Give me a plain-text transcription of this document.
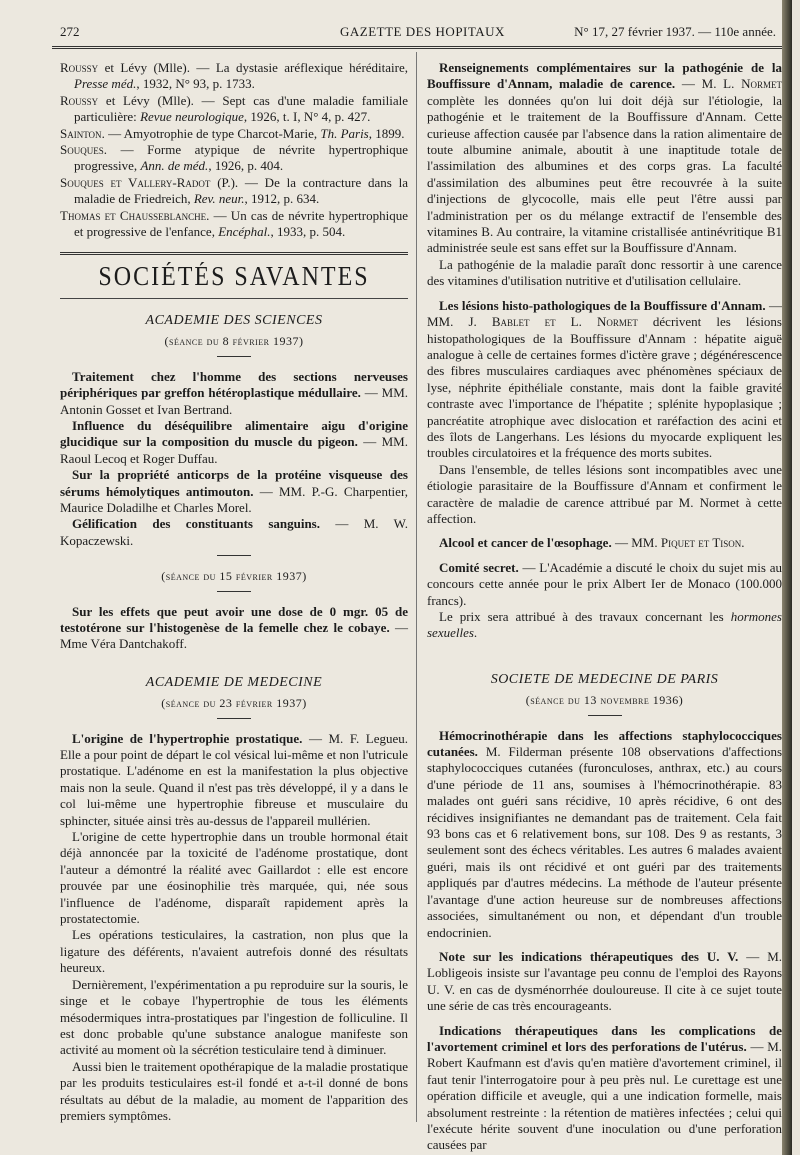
272	GAZETTE DES HOPITAUX	N° 17, 27 février 1937. — 110e année.

Roussy et Lévy (Mlle). — La dystasie aréflexique héréditaire, Presse méd., 1932, N° 93, p. 1733.

Roussy et Lévy (Mlle). — Sept cas d'une maladie familiale particulière: Revue neurologique, 1926, t. I, N° 4, p. 427.

Sainton. — Amyotrophie de type Charcot-Marie, Th. Paris, 1899.

Souques. — Forme atypique de névrite hypertrophique progressive, Ann. de méd., 1926, p. 404.

Souques et Vallery-Radot (P.). — De la contracture dans la maladie de Friedreich, Rev. neur., 1912, p. 634.

Thomas et Chausseblanche. — Un cas de névrite hypertrophique et progressive de l'enfance, Encéphal., 1933, p. 504.

SOCIÉTÉS SAVANTES
ACADEMIE DES SCIENCES
(séance du 8 février 1937)

Traitement chez l'homme des sections nerveuses périphériques par greffon hétéroplastique médullaire. — MM. Antonin Gosset et Ivan Bertrand.

Influence du déséquilibre alimentaire aigu d'origine glucidique sur la composition du muscle du pigeon. — MM. Raoul Lecoq et Roger Duffau.

Sur la propriété anticorps de la protéine visqueuse des sérums hémolytiques antimouton. — MM. P.-G. Charpentier, Maurice Doladilhe et Charles Morel.

Gélification des constituants sanguins. — M. W. Kopaczewski.

(séance du 15 février 1937)

Sur les effets que peut avoir une dose de 0 mgr. 05 de testotérone sur l'histogenèse de la femelle chez le cobaye. — Mme Véra Dantchakoff.

ACADEMIE DE MEDECINE
(séance du 23 février 1937)

L'origine de l'hypertrophie prostatique. — M. F. Legueu. Elle a pour point de départ le col vésical lui-même et non l'utricule prostatique. L'adénome en est la manifestation la plus objective mais non la seule. Quand il n'est pas très développé, il y a dans le col lui-même une hypertrophie fibreuse et musculaire du sphincter, située ainsi très au-dessus de l'appareil mullérien.

L'origine de cette hypertrophie dans un trouble hormonal était déjà annoncée par la toxicité de l'adénome prostatique, dont l'auteur a démontré la réalité avec Gaillardot : elle est encore prouvée par une éosinophilie très marquée, qui, née sous l'influence de l'adénome, disparaît rapidement après la prostatectomie.

Les opérations testiculaires, la castration, non plus que la ligature des déférents, n'avaient autrefois donné des résultats heureux.

Dernièrement, l'expérimentation a pu reproduire sur la souris, le singe et le cobaye l'hypertrophie de tous les éléments mésodermiques intra-prostatiques par l'ingestion de folliculine. Il est donc probable qu'une substance analogue manifeste son activité au moment où la sécrétion testiculaire tend à diminuer.

Aussi bien le traitement opothérapique de la maladie prostatique par les produits testiculaires est-il fondé et a-t-il donné de bons résultats au début de la maladie, au moment de l'apparition des premiers symptômes.

Renseignements complémentaires sur la pathogénie de la Bouffissure d'Annam, maladie de carence. — M. L. Normet complète les données qu'on lui doit déjà sur l'étiologie, la pathogénie et le traitement de la Bouffissure d'Annam. Cette curieuse affection causée par l'absence dans la ration alimentaire de toute albumine animale, aboutit à une inaptitude totale de l'assimilation des albumines et des corps gras. La faculté d'assimilation des albumines peut être recouvrée à la suite d'injections de glycocolle, mais elle peut l'être aussi par l'administration per os du mélange extractif de l'ensemble des vitamines B. Au contraire, la vitamine cristallisée antinévritique B1 administrée seule est sans effet sur la Bouffissure d'Annam.

La pathogénie de la maladie paraît donc ressortir à une carence des vitamines d'utilisation nutritive et d'utilisation cellulaire.

Les lésions histo-pathologiques de la Bouffissure d'Annam. — MM. J. Bablet et L. Normet décrivent les lésions histopathologiques de la Bouffissure d'Annam : hépatite aiguë analogue à celle de certaines formes d'ictère grave ; dégénérescence des fibres musculaires cardiaques avec phénomènes spéciaux de lyse, néphrite épithéliale constante, mais dont la faible gravité contraste avec l'importance de l'hépatite ; splénite hypoplasique ; pancréatite atrophique avec dislocation et raréfaction des acini et des îlots de Langerhans. Les lésions du myocarde expliquent les troubles circulatoires et la fréquence des morts subites.

Dans l'ensemble, de telles lésions sont incompatibles avec une étiologie parasitaire de la Bouffissure d'Annam et confirment le caractère de maladie de carence attribué par M. Normet à cette affection.

Alcool et cancer de l'œsophage. — MM. Piquet et Tison.

Comité secret. — L'Académie a discuté le choix du sujet mis au concours cette année pour le prix Albert Ier de Monaco (100.000 francs).

Le prix sera attribué à des travaux concernant les hormones sexuelles.

SOCIETE DE MEDECINE DE PARIS
(séance du 13 novembre 1936)

Hémocrinothérapie dans les affections staphylococciques cutanées. M. Filderman présente 108 observations d'affections staphylococciques cutanées (furonculoses, anthrax, etc.) au cours d'une période de 11 ans, soumises à l'hémocrinothérapie. 83 malades ont guéri sans récidive, 10 après récidive, 6 ont des récidives insignifiantes ne demandant pas de traitement. Cela fait 93 bons cas et 6 relativement bons, sur 108. Des 9 as restants, 3 seulement sont des échecs véritables. Les autres 6 malades avaient guéri, mais ils ont récidivé et ont guéri par des traitements appliqués par d'autres médecins. La méthode de l'auteur présente l'avantage d'une action heureuse sur de nombreuses affections associées, simultanément ou non, et dépendant d'un trouble endocrinien.

Note sur les indications thérapeutiques des U. V. — M. Lobligeois insiste sur l'avantage peu connu de l'emploi des Rayons U. V. en cas de dysménorrhée douloureuse. Il cite à ce sujet toute une série de cas très encourageants.

Indications thérapeutiques dans les complications de l'avortement criminel et lors des perforations de l'utérus. — M. Robert Kaufmann est d'avis qu'en matière d'avortement criminel, il faut tenir l'interrogatoire pour à peu près nul. Le curettage est une opération difficile et aveugle, qui a une indication formelle, mais absolument restreinte : la rétention de matières infectées ; celui qui l'exécute hérite souvent d'une inoculation ou d'une perforation causées par
